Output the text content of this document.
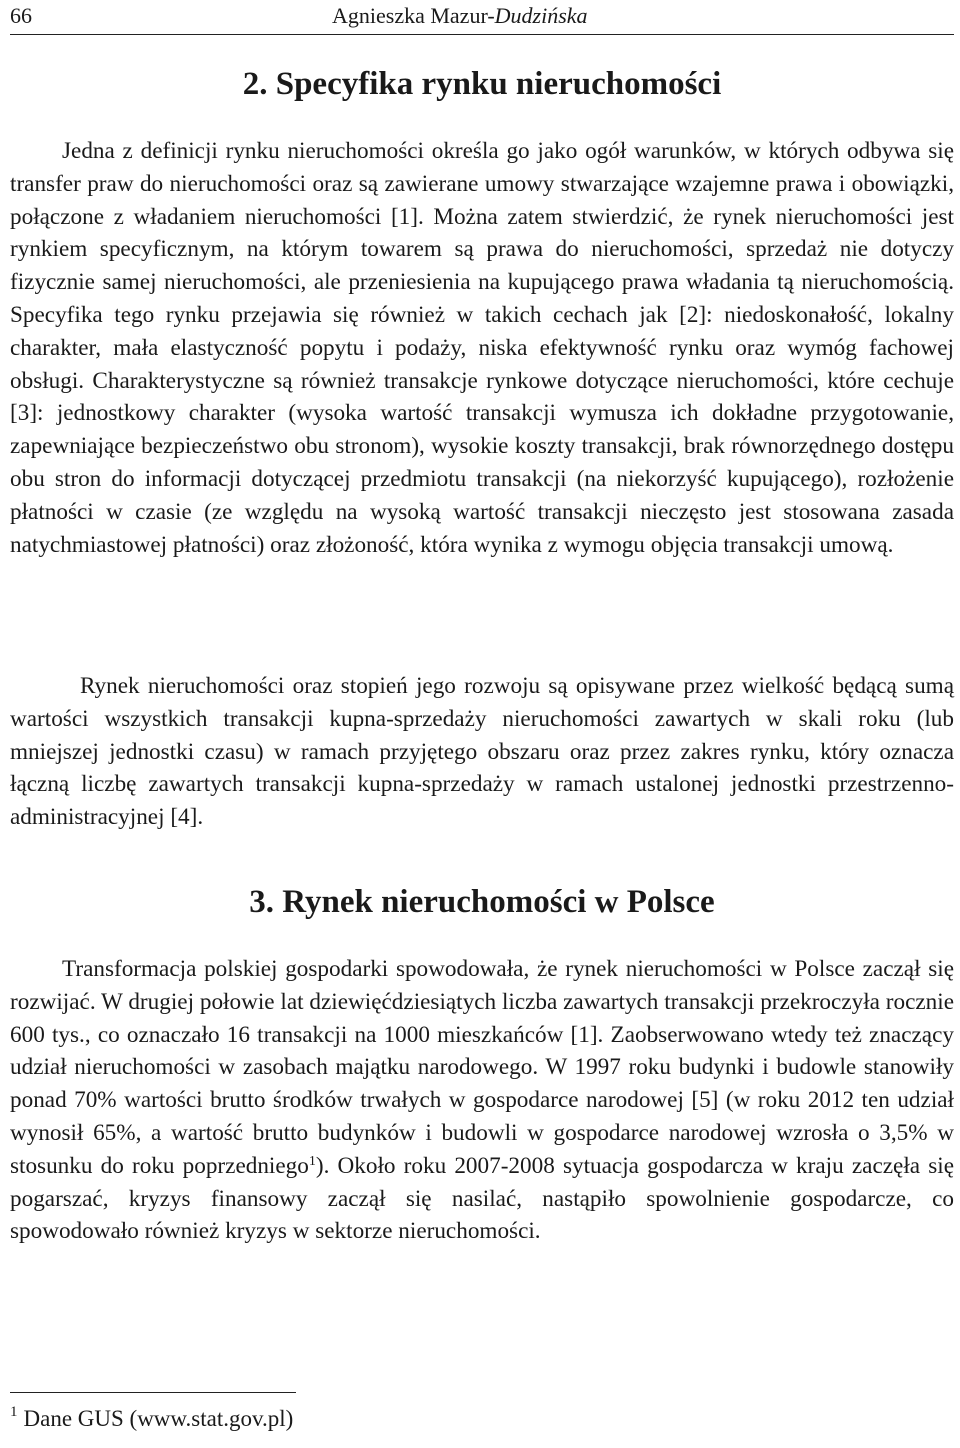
66	Agnieszka Mazur-Dudzińska
2. Specyfika rynku nieruchomości

Jedna z definicji rynku nieruchomości określa go jako ogół warunków, w których odbywa się transfer praw do nieruchomości oraz są zawierane umowy stwarzające wzajemne prawa i obowiązki, połączone z władaniem nieruchomości [1]. Można zatem stwierdzić, że rynek nieruchomości jest rynkiem specyficznym, na którym towarem są prawa do nieruchomości, sprzedaż nie dotyczy fizycznie samej nieruchomości, ale przeniesienia na kupującego prawa władania tą nieruchomością. Specyfika tego rynku przejawia się również w takich cechach jak [2]: niedoskonałość, lokalny charakter, mała elastyczność popytu i podaży, niska efektywność rynku oraz wymóg fachowej obsługi. Charakterystyczne są również transakcje rynkowe dotyczące nieruchomości, które cechuje [3]: jednostkowy charakter (wysoka wartość transakcji wymusza ich dokładne przygotowanie, zapewniające bezpieczeństwo obu stronom), wysokie koszty transakcji, brak równorzędnego dostępu obu stron do informacji dotyczącej przedmiotu transakcji (na niekorzyść kupującego), rozłożenie płatności w czasie (ze względu na wysoką wartość transakcji nieczęsto jest stosowana zasada natychmiastowej płatności) oraz złożoność, która wynika z wymogu objęcia transakcji umową.

Rynek nieruchomości oraz stopień jego rozwoju są opisywane przez wielkość będącą sumą wartości wszystkich transakcji kupna-sprzedaży nieruchomości zawartych w skali roku (lub mniejszej jednostki czasu) w ramach przyjętego obszaru oraz przez zakres rynku, który oznacza łączną liczbę zawartych transakcji kupna-sprzedaży w ramach ustalonej jednostki przestrzenno-administracyjnej [4].

3. Rynek nieruchomości w Polsce

Transformacja polskiej gospodarki spowodowała, że rynek nieruchomości w Polsce zaczął się rozwijać. W drugiej połowie lat dziewięćdziesiątych liczba zawartych transakcji przekroczyła rocznie 600 tys., co oznaczało 16 transakcji na 1000 mieszkańców [1]. Zaobserwowano wtedy też znaczący udział nieruchomości w zasobach majątku narodowego. W 1997 roku budynki i budowle stanowiły ponad 70% wartości brutto środków trwałych w gospodarce narodowej [5] (w roku 2012 ten udział wynosił 65%, a wartość brutto budynków i budowli w gospodarce narodowej wzrosła o 3,5% w stosunku do roku poprzedniego$^1$). Około roku 2007-2008 sytuacja gospodarcza w kraju zaczęła się pogarszać, kryzys finansowy zaczął się nasilać, nastąpiło spowolnienie gospodarcze, co spowodowało również kryzys w sektorze nieruchomości.

$^1$ Dane GUS (www.stat.gov.pl)
